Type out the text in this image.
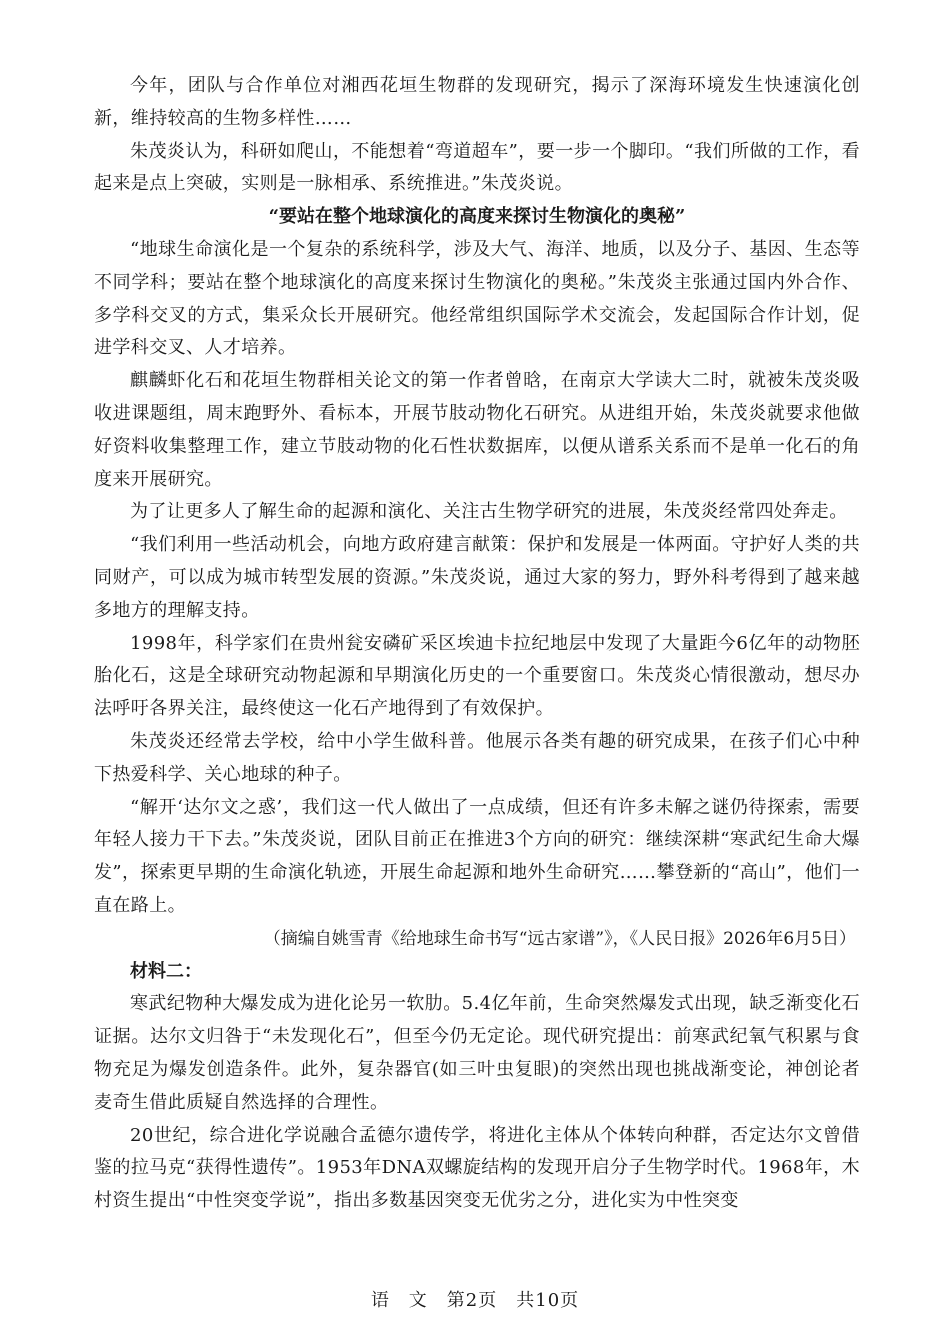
今年，团队与合作单位对湘西花垣生物群的发现研究，揭示了深海环境发生快速演化创新，维持较高的生物多样性……

朱茂炎认为，科研如爬山，不能想着“弯道超车”，要一步一个脚印。“我们所做的工作，看起来是点上突破，实则是一脉相承、系统推进。”朱茂炎说。

“要站在整个地球演化的高度来探讨生物演化的奥秘”

“地球生命演化是一个复杂的系统科学，涉及大气、海洋、地质，以及分子、基因、生态等不同学科；要站在整个地球演化的高度来探讨生物演化的奥秘。”朱茂炎主张通过国内外合作、多学科交叉的方式，集采众长开展研究。他经常组织国际学术交流会，发起国际合作计划，促进学科交叉、人才培养。

麒麟虾化石和花垣生物群相关论文的第一作者曾晗，在南京大学读大二时，就被朱茂炎吸收进课题组，周末跑野外、看标本，开展节肢动物化石研究。从进组开始，朱茂炎就要求他做好资料收集整理工作，建立节肢动物的化石性状数据库，以便从谱系关系而不是单一化石的角度来开展研究。

为了让更多人了解生命的起源和演化、关注古生物学研究的进展，朱茂炎经常四处奔走。

“我们利用一些活动机会，向地方政府建言献策：保护和发展是一体两面。守护好人类的共同财产，可以成为城市转型发展的资源。”朱茂炎说，通过大家的努力，野外科考得到了越来越多地方的理解支持。

1998年，科学家们在贵州瓮安磷矿采区埃迪卡拉纪地层中发现了大量距今6亿年的动物胚胎化石，这是全球研究动物起源和早期演化历史的一个重要窗口。朱茂炎心情很激动，想尽办法呼吁各界关注，最终使这一化石产地得到了有效保护。

朱茂炎还经常去学校，给中小学生做科普。他展示各类有趣的研究成果，在孩子们心中种下热爱科学、关心地球的种子。

“解开‘达尔文之惑’，我们这一代人做出了一点成绩，但还有许多未解之谜仍待探索，需要年轻人接力干下去。”朱茂炎说，团队目前正在推进3个方向的研究：继续深耕“寒武纪生命大爆发”，探索更早期的生命演化轨迹，开展生命起源和地外生命研究……攀登新的“高山”，他们一直在路上。

（摘编自姚雪青《给地球生命书写“远古家谱”》，《人民日报》2026年6月5日）

材料二：

寒武纪物种大爆发成为进化论另一软肋。5.4亿年前，生命突然爆发式出现，缺乏渐变化石证据。达尔文归咎于“未发现化石”，但至今仍无定论。现代研究提出：前寒武纪氧气积累与食物充足为爆发创造条件。此外，复杂器官(如三叶虫复眼)的突然出现也挑战渐变论，神创论者麦奇生借此质疑自然选择的合理性。

20世纪，综合进化学说融合孟德尔遗传学，将进化主体从个体转向种群，否定达尔文曾借鉴的拉马克“获得性遗传”。1953年DNA双螺旋结构的发现开启分子生物学时代。1968年，木村资生提出“中性突变学说”，指出多数基因突变无优劣之分，进化实为中性突变

语　文　第2页　共10页
